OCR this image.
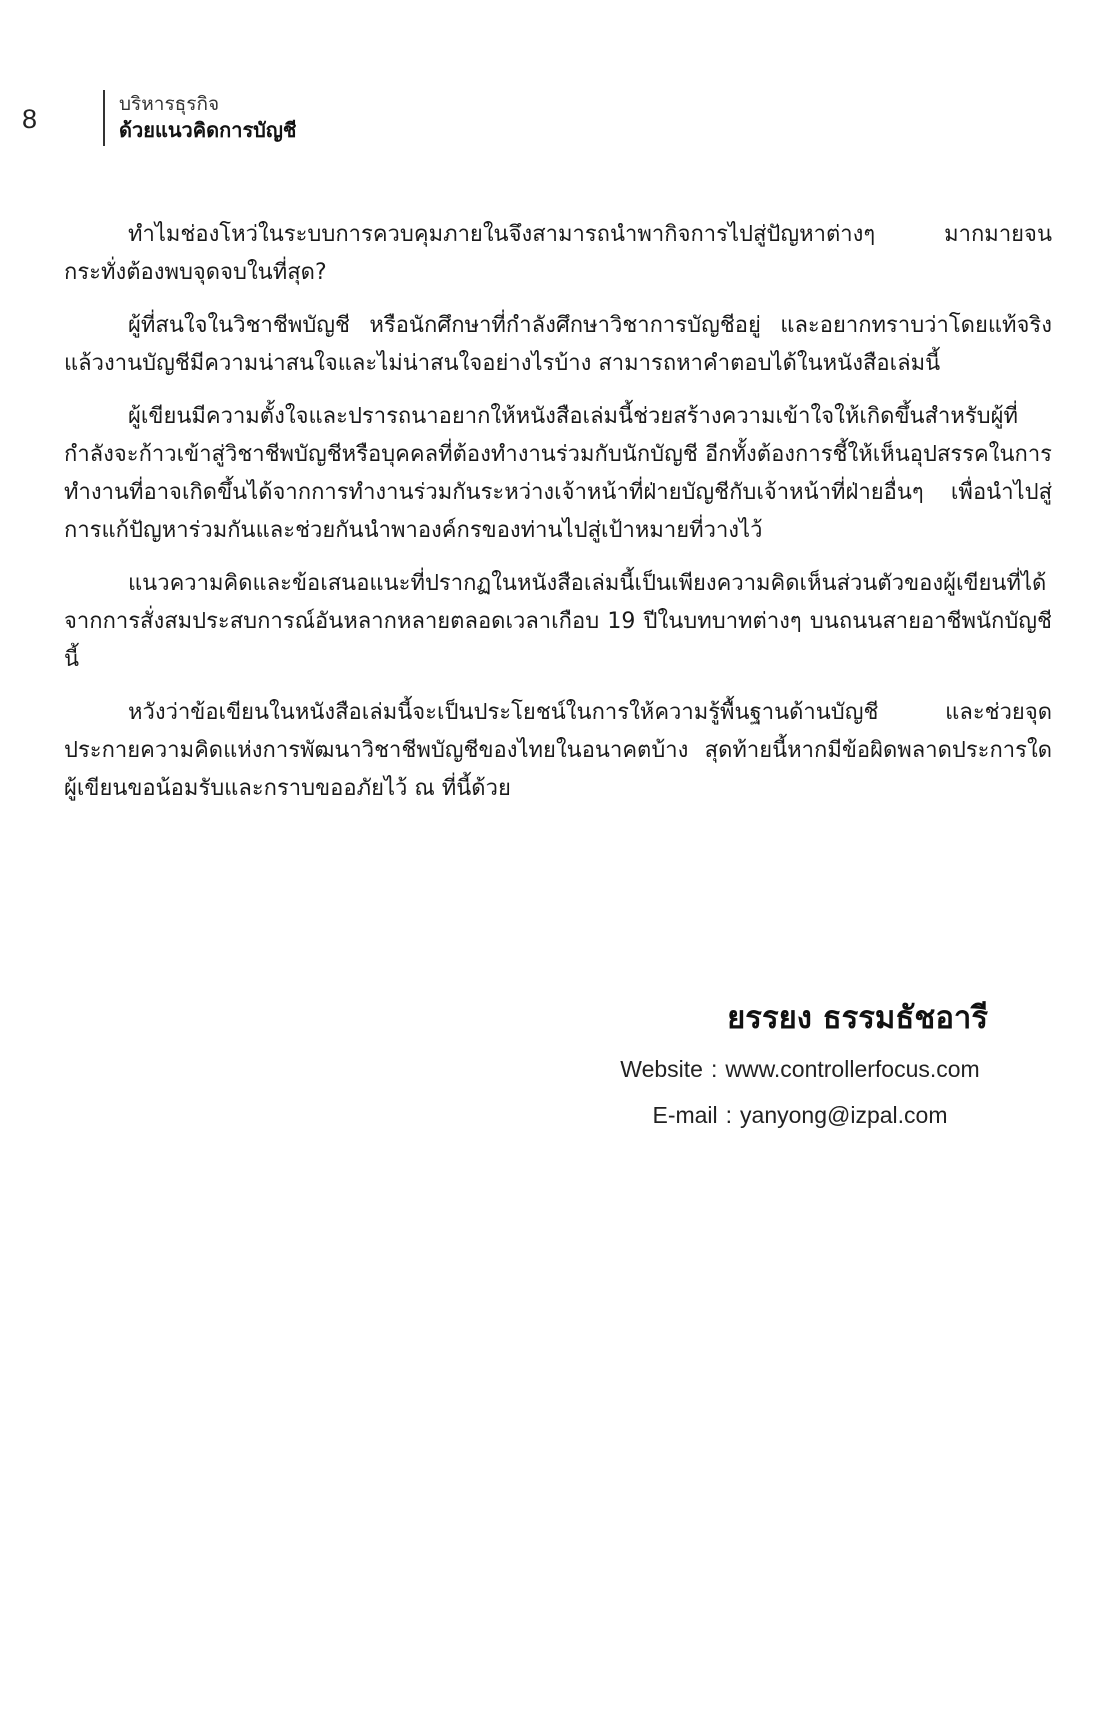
8	บริหารธุรกิจ
ด้วยแนวคิดการบัญชี

ทำไมช่องโหว่ในระบบการควบคุมภายในจึงสามารถนำพากิจการไปสู่ปัญหาต่างๆ มากมายจนกระทั่งต้องพบจุดจบในที่สุด?

ผู้ที่สนใจในวิชาชีพบัญชี หรือนักศึกษาที่กำลังศึกษาวิชาการบัญชีอยู่ และอยากทราบว่าโดยแท้จริงแล้วงานบัญชีมีความน่าสนใจและไม่น่าสนใจอย่างไรบ้าง สามารถหาคำตอบได้ในหนังสือเล่มนี้

ผู้เขียนมีความตั้งใจและปรารถนาอยากให้หนังสือเล่มนี้ช่วยสร้างความเข้าใจให้เกิดขึ้นสำหรับผู้ที่กำลังจะก้าวเข้าสู่วิชาชีพบัญชีหรือบุคคลที่ต้องทำงานร่วมกับนักบัญชี อีกทั้งต้องการชี้ให้เห็นอุปสรรคในการทำงานที่อาจเกิดขึ้นได้จากการทำงานร่วมกันระหว่างเจ้าหน้าที่ฝ่ายบัญชีกับเจ้าหน้าที่ฝ่ายอื่นๆ เพื่อนำไปสู่การแก้ปัญหาร่วมกันและช่วยกันนำพาองค์กรของท่านไปสู่เป้าหมายที่วางไว้

แนวความคิดและข้อเสนอแนะที่ปรากฏในหนังสือเล่มนี้เป็นเพียงความคิดเห็นส่วนตัวของผู้เขียนที่ได้จากการสั่งสมประสบการณ์อันหลากหลายตลอดเวลาเกือบ 19 ปีในบทบาทต่างๆ บนถนนสายอาชีพนักบัญชีนี้

หวังว่าข้อเขียนในหนังสือเล่มนี้จะเป็นประโยชน์ในการให้ความรู้พื้นฐานด้านบัญชี และช่วยจุดประกายความคิดแห่งการพัฒนาวิชาชีพบัญชีของไทยในอนาคตบ้าง สุดท้ายนี้หากมีข้อผิดพลาดประการใด ผู้เขียนขอน้อมรับและกราบขออภัยไว้ ณ ที่นี้ด้วย

ยรรยง ธรรมธัชอารี
Website : www.controllerfocus.com
E-mail : yanyong@izpal.com
